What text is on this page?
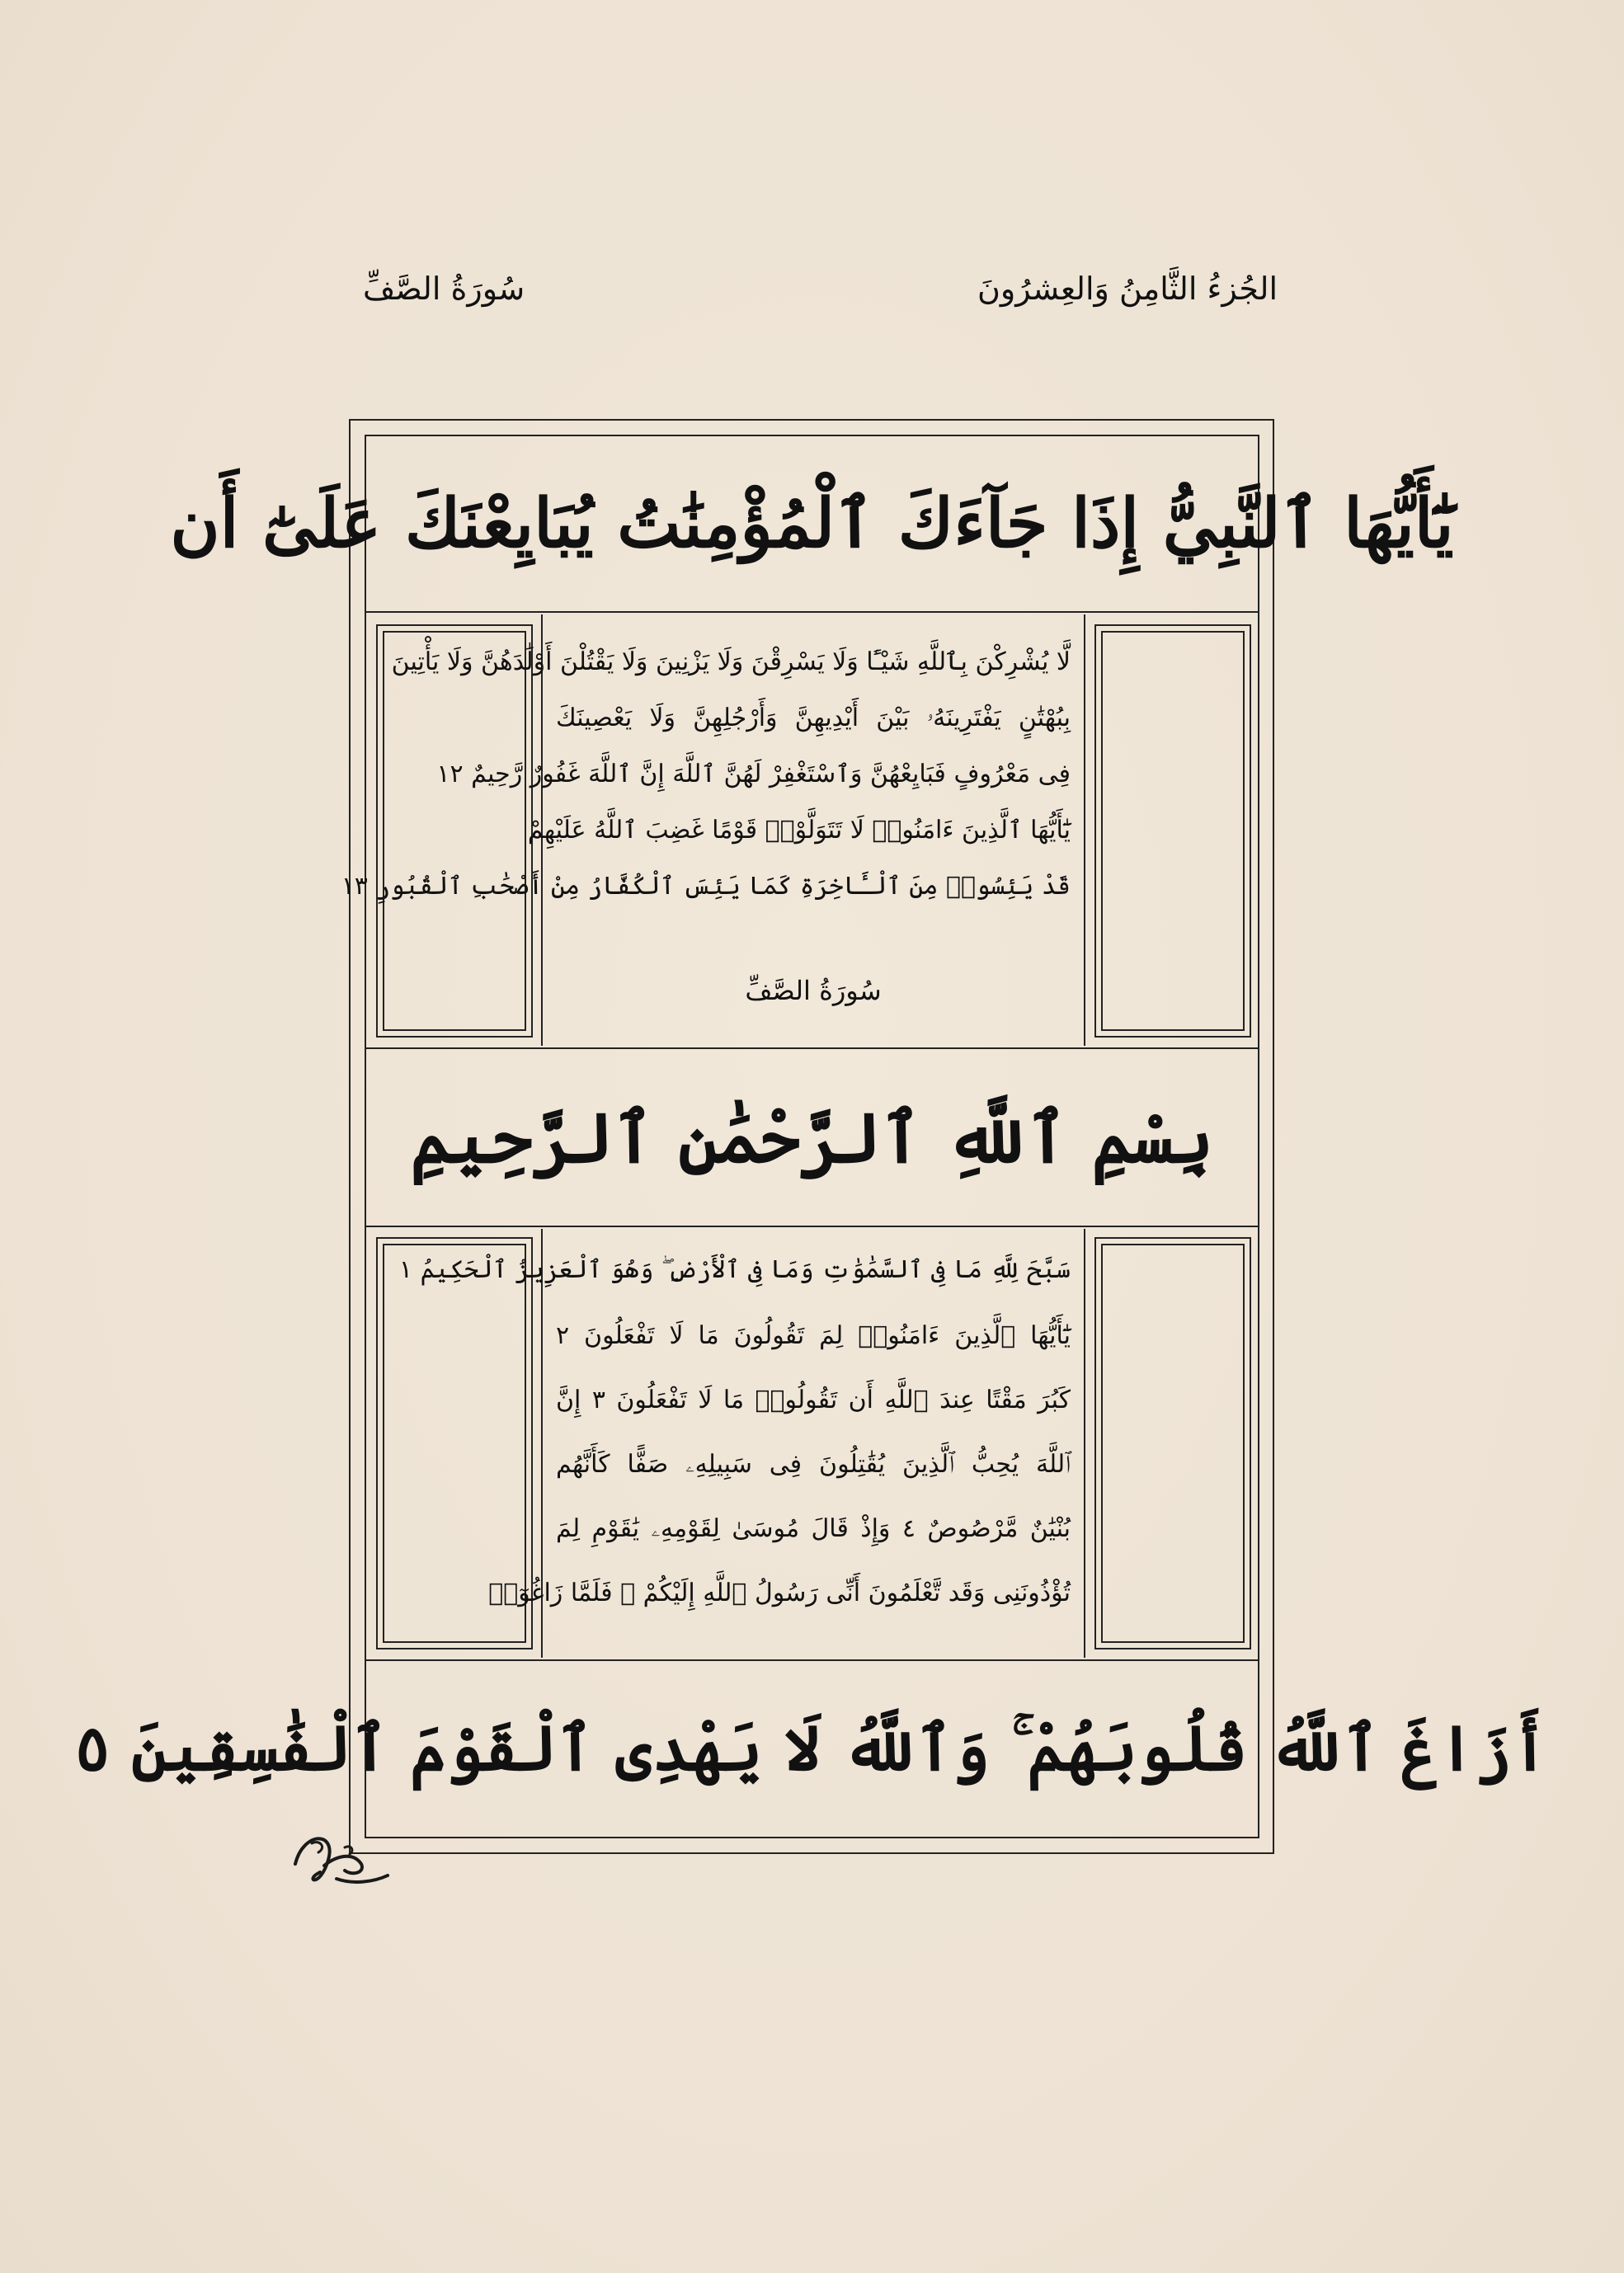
الجُزءُ الثَّامِنُ وَالعِشرُونَ
سُورَةُ الصَّفِّ
يَٰٓأَيُّهَا ٱلنَّبِيُّ إِذَا جَآءَكَ ٱلْمُؤْمِنَٰتُ يُبَايِعْنَكَ عَلَىٰٓ أَن
لَّا يُشْرِكْنَ بِٱللَّهِ شَيْـًٔا وَلَا يَسْرِقْنَ وَلَا يَزْنِينَ وَلَا يَقْتُلْنَ أَوْلَٰدَهُنَّ وَلَا يَأْتِينَ
بِبُهْتَٰنٍ يَفْتَرِينَهُۥ بَيْنَ أَيْدِيهِنَّ وَأَرْجُلِهِنَّ وَلَا يَعْصِينَكَ
فِى مَعْرُوفٍ فَبَايِعْهُنَّ وَٱسْتَغْفِرْ لَهُنَّ ٱللَّهَ إِنَّ ٱللَّهَ غَفُورٌ رَّحِيمٌ ١٢
يَٰٓأَيُّهَا ٱلَّذِينَ ءَامَنُوا۟ لَا تَتَوَلَّوْا۟ قَوْمًا غَضِبَ ٱللَّهُ عَلَيْهِمْ
قَدْ يَئِسُوا۟ مِنَ ٱلْـَٔاخِرَةِ كَمَا يَئِسَ ٱلْكُفَّارُ مِنْ أَصْحَٰبِ ٱلْقُبُورِ ١٣
سُورَةُ الصَّفِّ
بِسْمِ ٱللَّهِ ٱلرَّحْمَٰنِ ٱلرَّحِيمِ
سَبَّحَ لِلَّهِ مَا فِى ٱلسَّمَٰوَٰتِ وَمَا فِى ٱلْأَرْضِ ۖ وَهُوَ ٱلْعَزِيزُ ٱلْحَكِيمُ ١
يَٰٓأَيُّهَا ٱلَّذِينَ ءَامَنُوا۟ لِمَ تَقُولُونَ مَا لَا تَفْعَلُونَ ٢
كَبُرَ مَقْتًا عِندَ ٱللَّهِ أَن تَقُولُوا۟ مَا لَا تَفْعَلُونَ ٣ إِنَّ
ٱللَّهَ يُحِبُّ ٱلَّذِينَ يُقَٰتِلُونَ فِى سَبِيلِهِۦ صَفًّا كَأَنَّهُم
بُنْيَٰنٌ مَّرْصُوصٌ ٤ وَإِذْ قَالَ مُوسَىٰ لِقَوْمِهِۦ يَٰقَوْمِ لِمَ
تُؤْذُونَنِى وَقَد تَّعْلَمُونَ أَنِّى رَسُولُ ٱللَّهِ إِلَيْكُمْ ۖ فَلَمَّا زَاغُوٓا۟
أَزَاغَ ٱللَّهُ قُلُوبَهُمْ ۚ وَٱللَّهُ لَا يَهْدِى ٱلْقَوْمَ ٱلْفَٰسِقِينَ ٥
